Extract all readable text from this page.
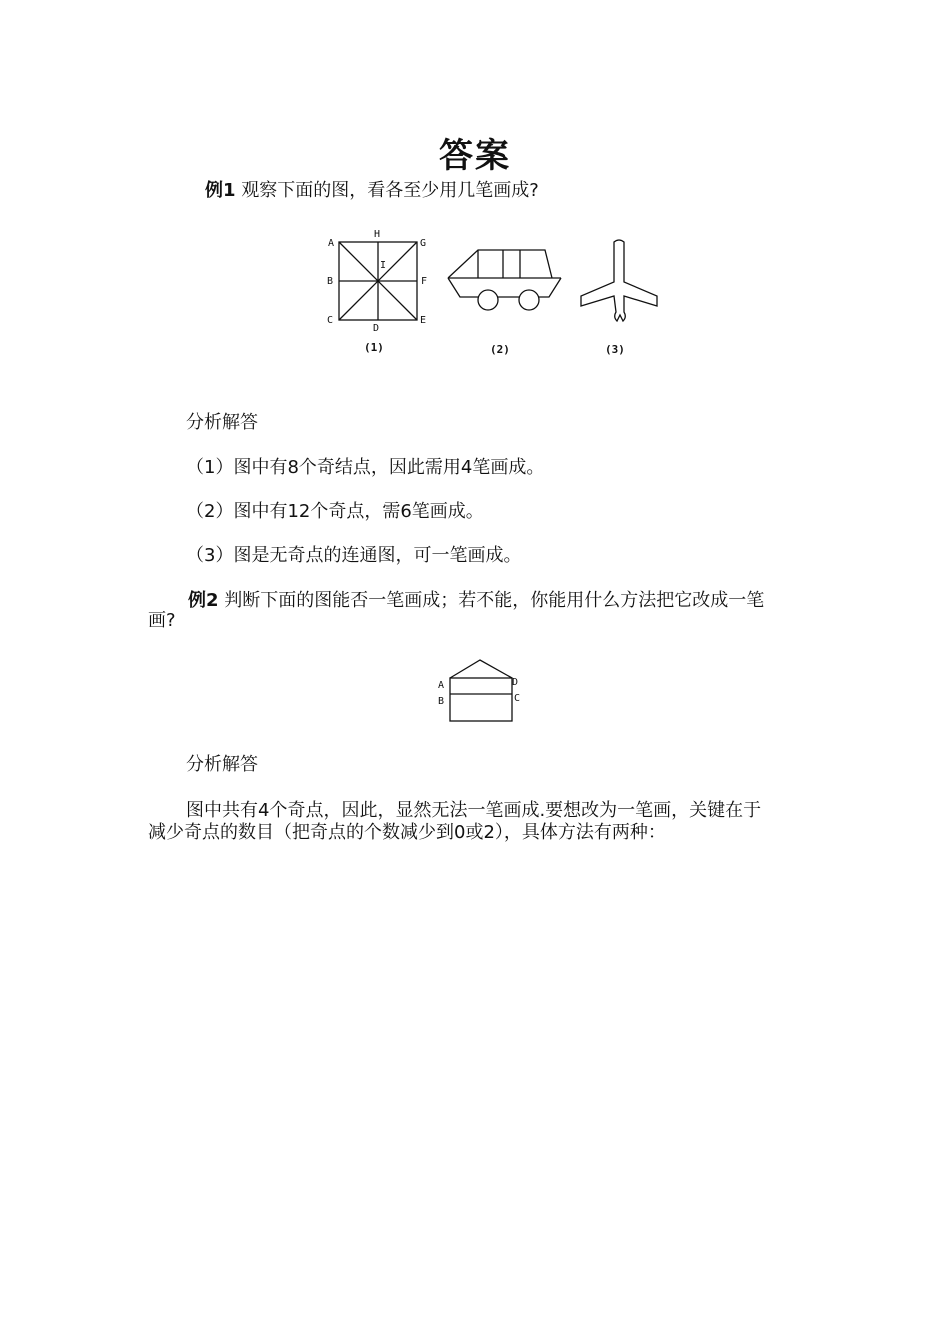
答案
例1 观察下面的图，看各至少用几笔画成?
A
H
G
B
I
F
C
D
E
(1)	(2)	(3)
分析解答
（1）图中有8个奇结点，因此需用4笔画成。
（2）图中有12个奇点，需6笔画成。
（3）图是无奇点的连通图，可一笔画成。
例2 判断下面的图能否一笔画成；若不能，你能用什么方法把它改成一笔
画?
A
B
D
C
分析解答
图中共有4个奇点，因此，显然无法一笔画成.要想改为一笔画，关键在于
减少奇点的数目（把奇点的个数减少到0或2），具体方法有两种：
